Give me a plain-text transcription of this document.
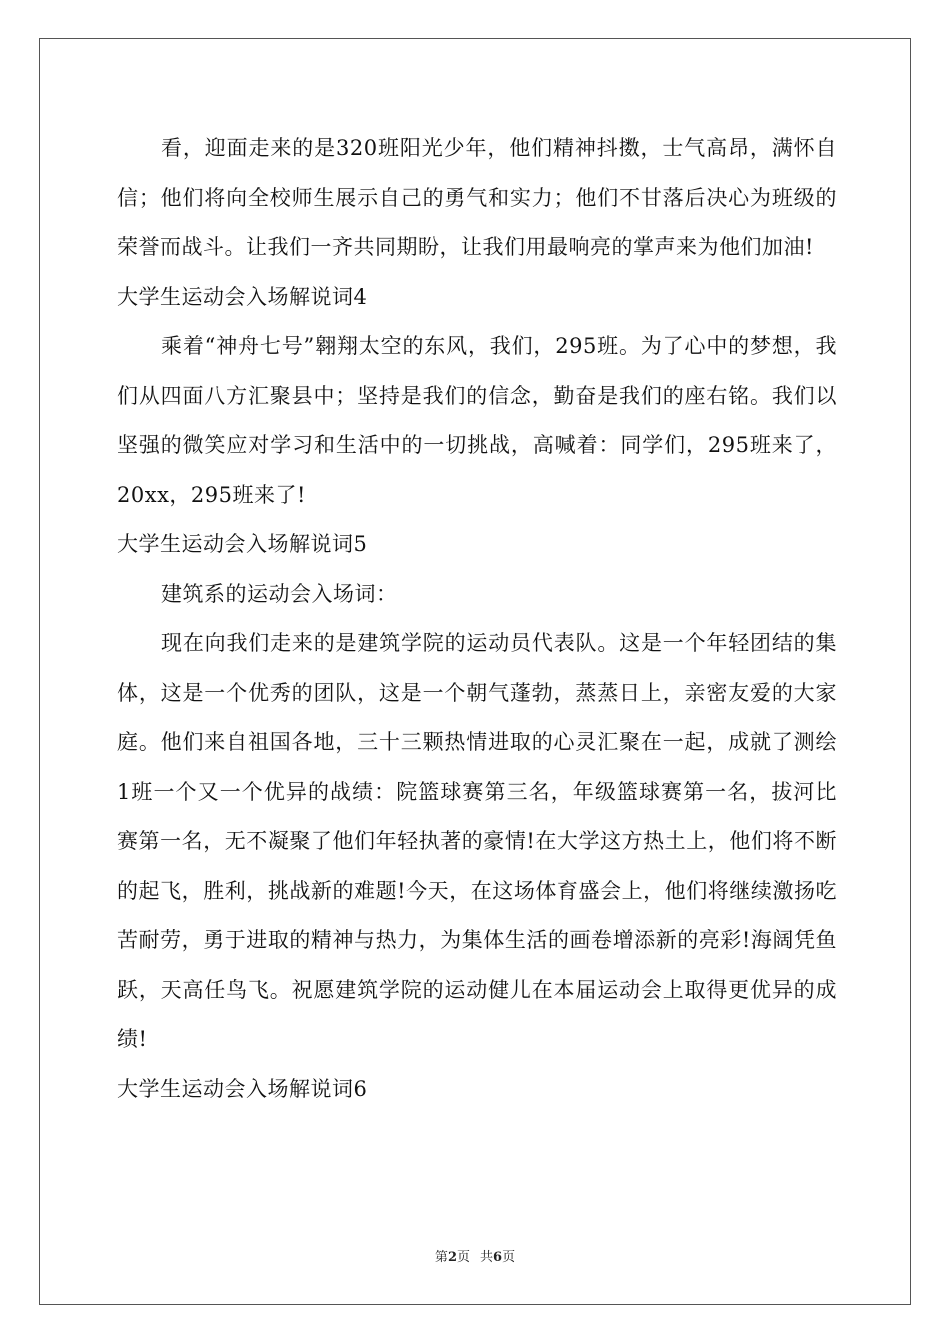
看，迎面走来的是320班阳光少年，他们精神抖擞，士气高昂，满怀自信；他们将向全校师生展示自己的勇气和实力；他们不甘落后决心为班级的荣誉而战斗。让我们一齐共同期盼，让我们用最响亮的掌声来为他们加油!

大学生运动会入场解说词4

乘着“神舟七号”翱翔太空的东风，我们，295班。为了心中的梦想，我们从四面八方汇聚县中；坚持是我们的信念，勤奋是我们的座右铭。我们以坚强的微笑应对学习和生活中的一切挑战，高喊着：同学们，295班来了，20xx，295班来了!

大学生运动会入场解说词5

建筑系的运动会入场词：

现在向我们走来的是建筑学院的运动员代表队。这是一个年轻团结的集体，这是一个优秀的团队，这是一个朝气蓬勃，蒸蒸日上，亲密友爱的大家庭。他们来自祖国各地，三十三颗热情进取的心灵汇聚在一起，成就了测绘1班一个又一个优异的战绩：院篮球赛第三名，年级篮球赛第一名，拔河比赛第一名，无不凝聚了他们年轻执著的豪情!在大学这方热土上，他们将不断的起飞，胜利，挑战新的难题!今天，在这场体育盛会上，他们将继续激扬吃苦耐劳，勇于进取的精神与热力，为集体生活的画卷增添新的亮彩!海阔凭鱼跃，天高任鸟飞。祝愿建筑学院的运动健儿在本届运动会上取得更优异的成绩!

大学生运动会入场解说词6
第2页 共6页
